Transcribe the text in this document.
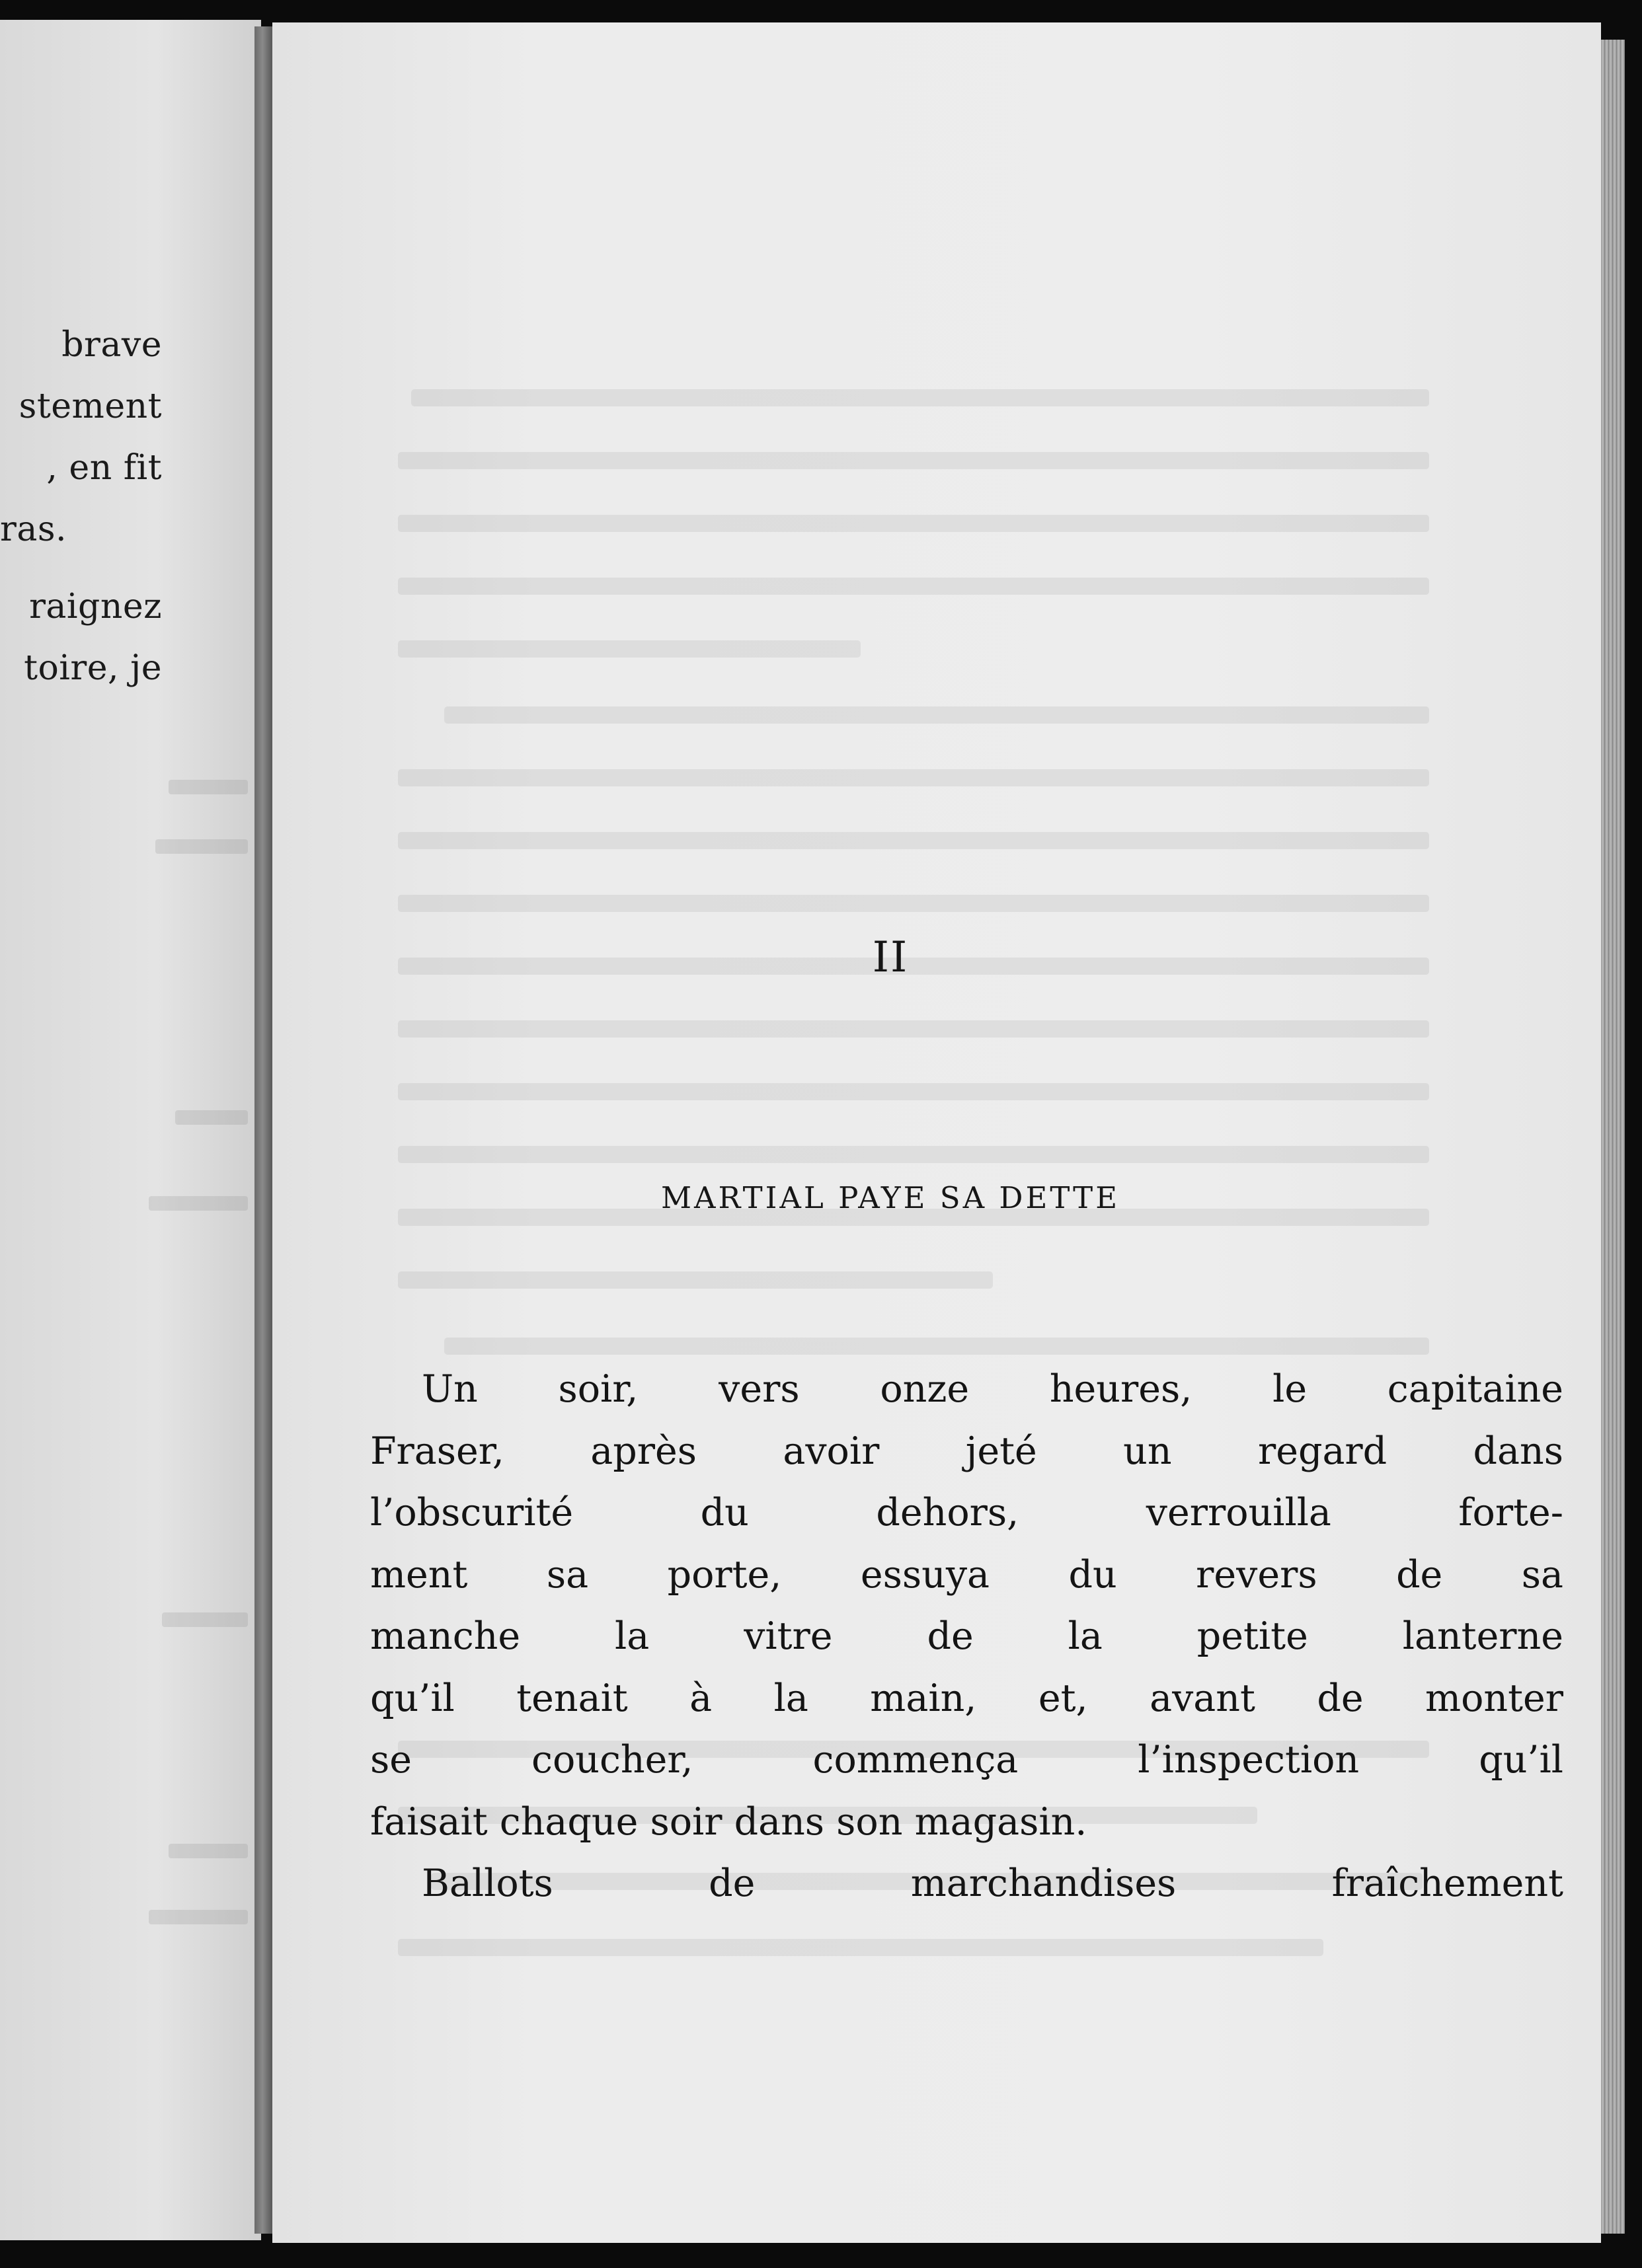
brave
stement
, en fit
ras.
raignez
toire, je
II
MARTIAL PAYE SA DETTE

Un soir, vers onze heures, le capitaine
Fraser, après avoir jeté un regard dans
l’obscurité du dehors, verrouilla forte-
ment sa porte, essuya du revers de sa
manche la vitre de la petite lanterne
qu’il tenait à la main, et, avant de monter
se coucher, commença l’inspection qu’il
faisait chaque soir dans son magasin.

Ballots de marchandises fraîchement
